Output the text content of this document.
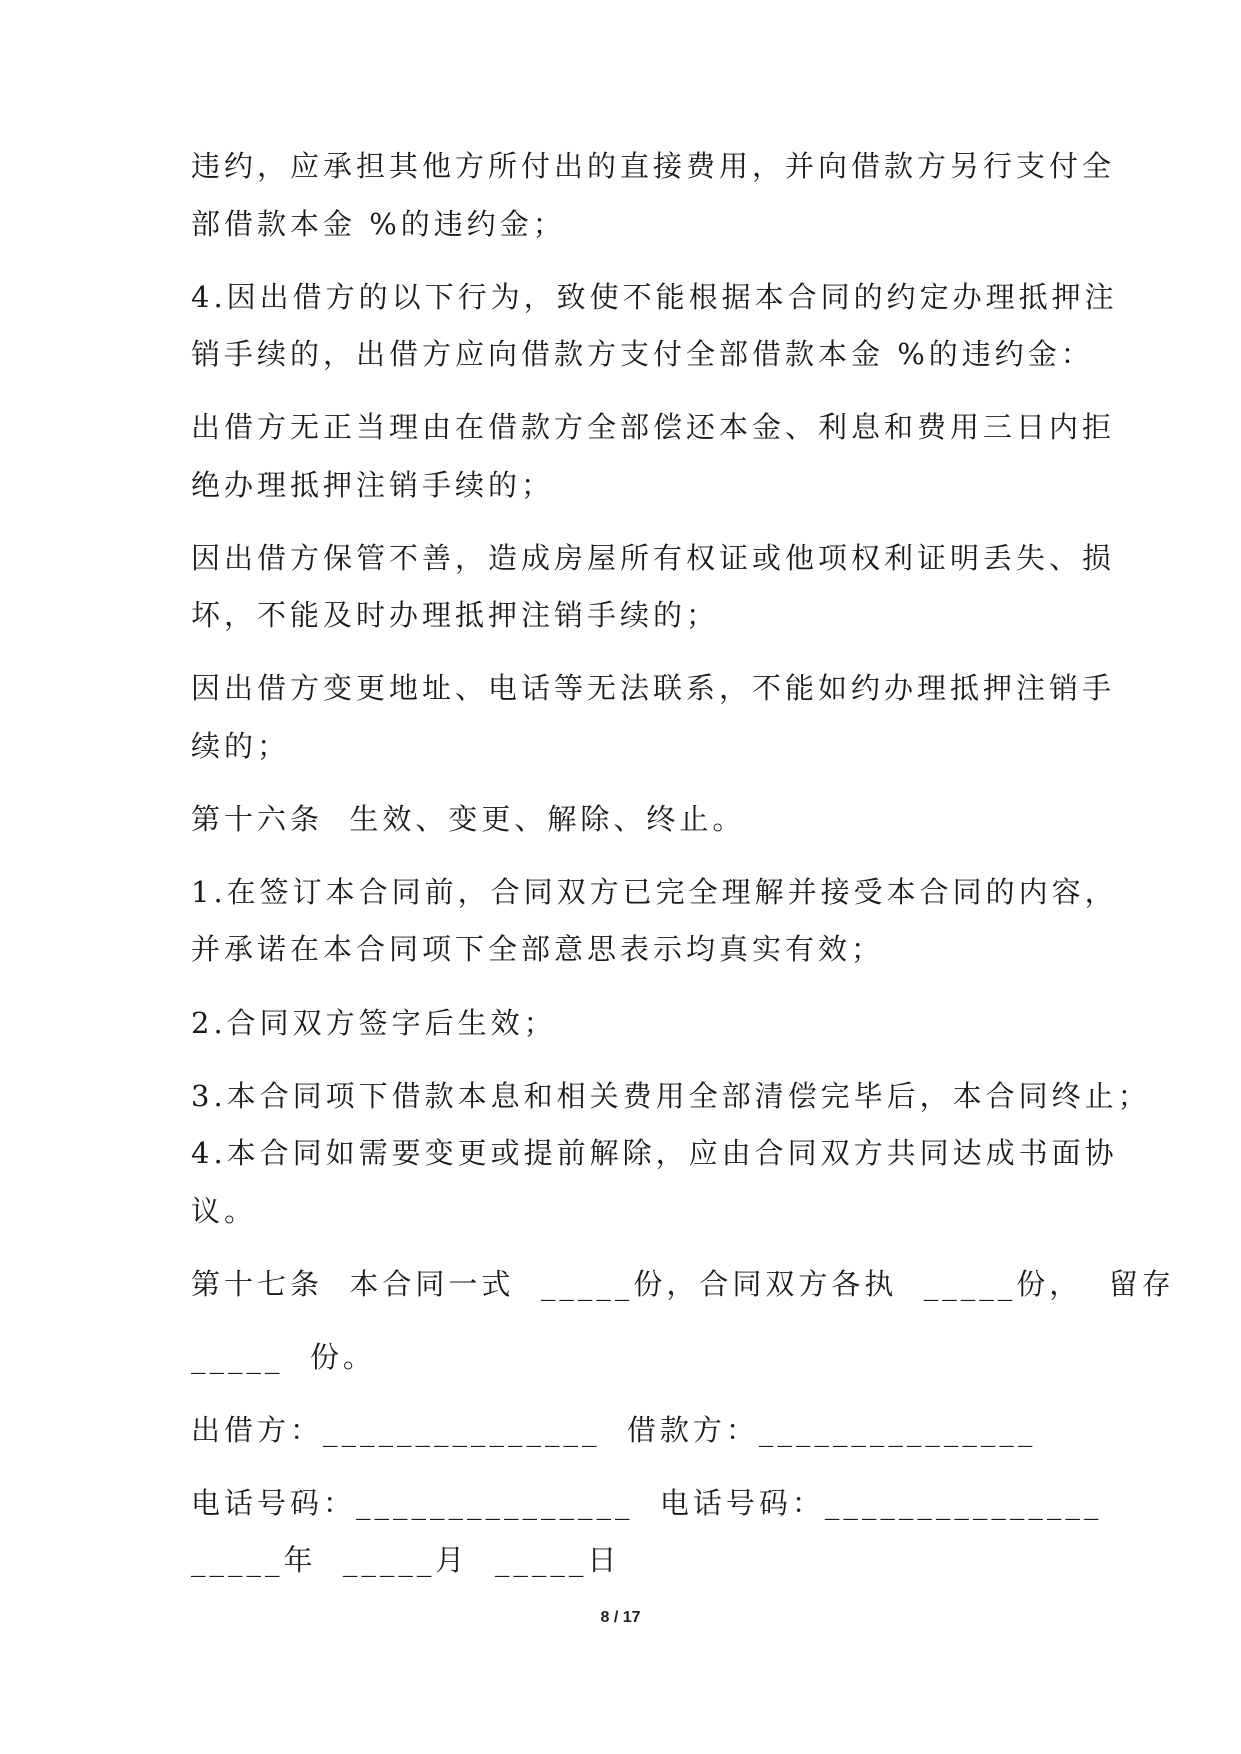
违约，应承担其他方所付出的直接费用，并向借款方另行支付全
部借款本金 %的违约金；
4.因出借方的以下行为，致使不能根据本合同的约定办理抵押注
销手续的，出借方应向借款方支付全部借款本金 %的违约金：
出借方无正当理由在借款方全部偿还本金、利息和费用三日内拒
绝办理抵押注销手续的；
因出借方保管不善，造成房屋所有权证或他项权利证明丢失、损
坏，不能及时办理抵押注销手续的；
因出借方变更地址、电话等无法联系，不能如约办理抵押注销手
续的；
第十六条  生效、变更、解除、终止。
1.在签订本合同前，合同双方已完全理解并接受本合同的内容，
并承诺在本合同项下全部意思表示均真实有效；
2.合同双方签字后生效；
3.本合同项下借款本息和相关费用全部清偿完毕后，本合同终止；
4.本合同如需要变更或提前解除，应由合同双方共同达成书面协
议。
第十七条  本合同一式  _____份，合同双方各执  _____份，  留存
_____  份。
出借方：_______________  借款方：_______________
电话号码：_______________  电话号码：_______________
_____年  _____月  _____日
8 / 17
